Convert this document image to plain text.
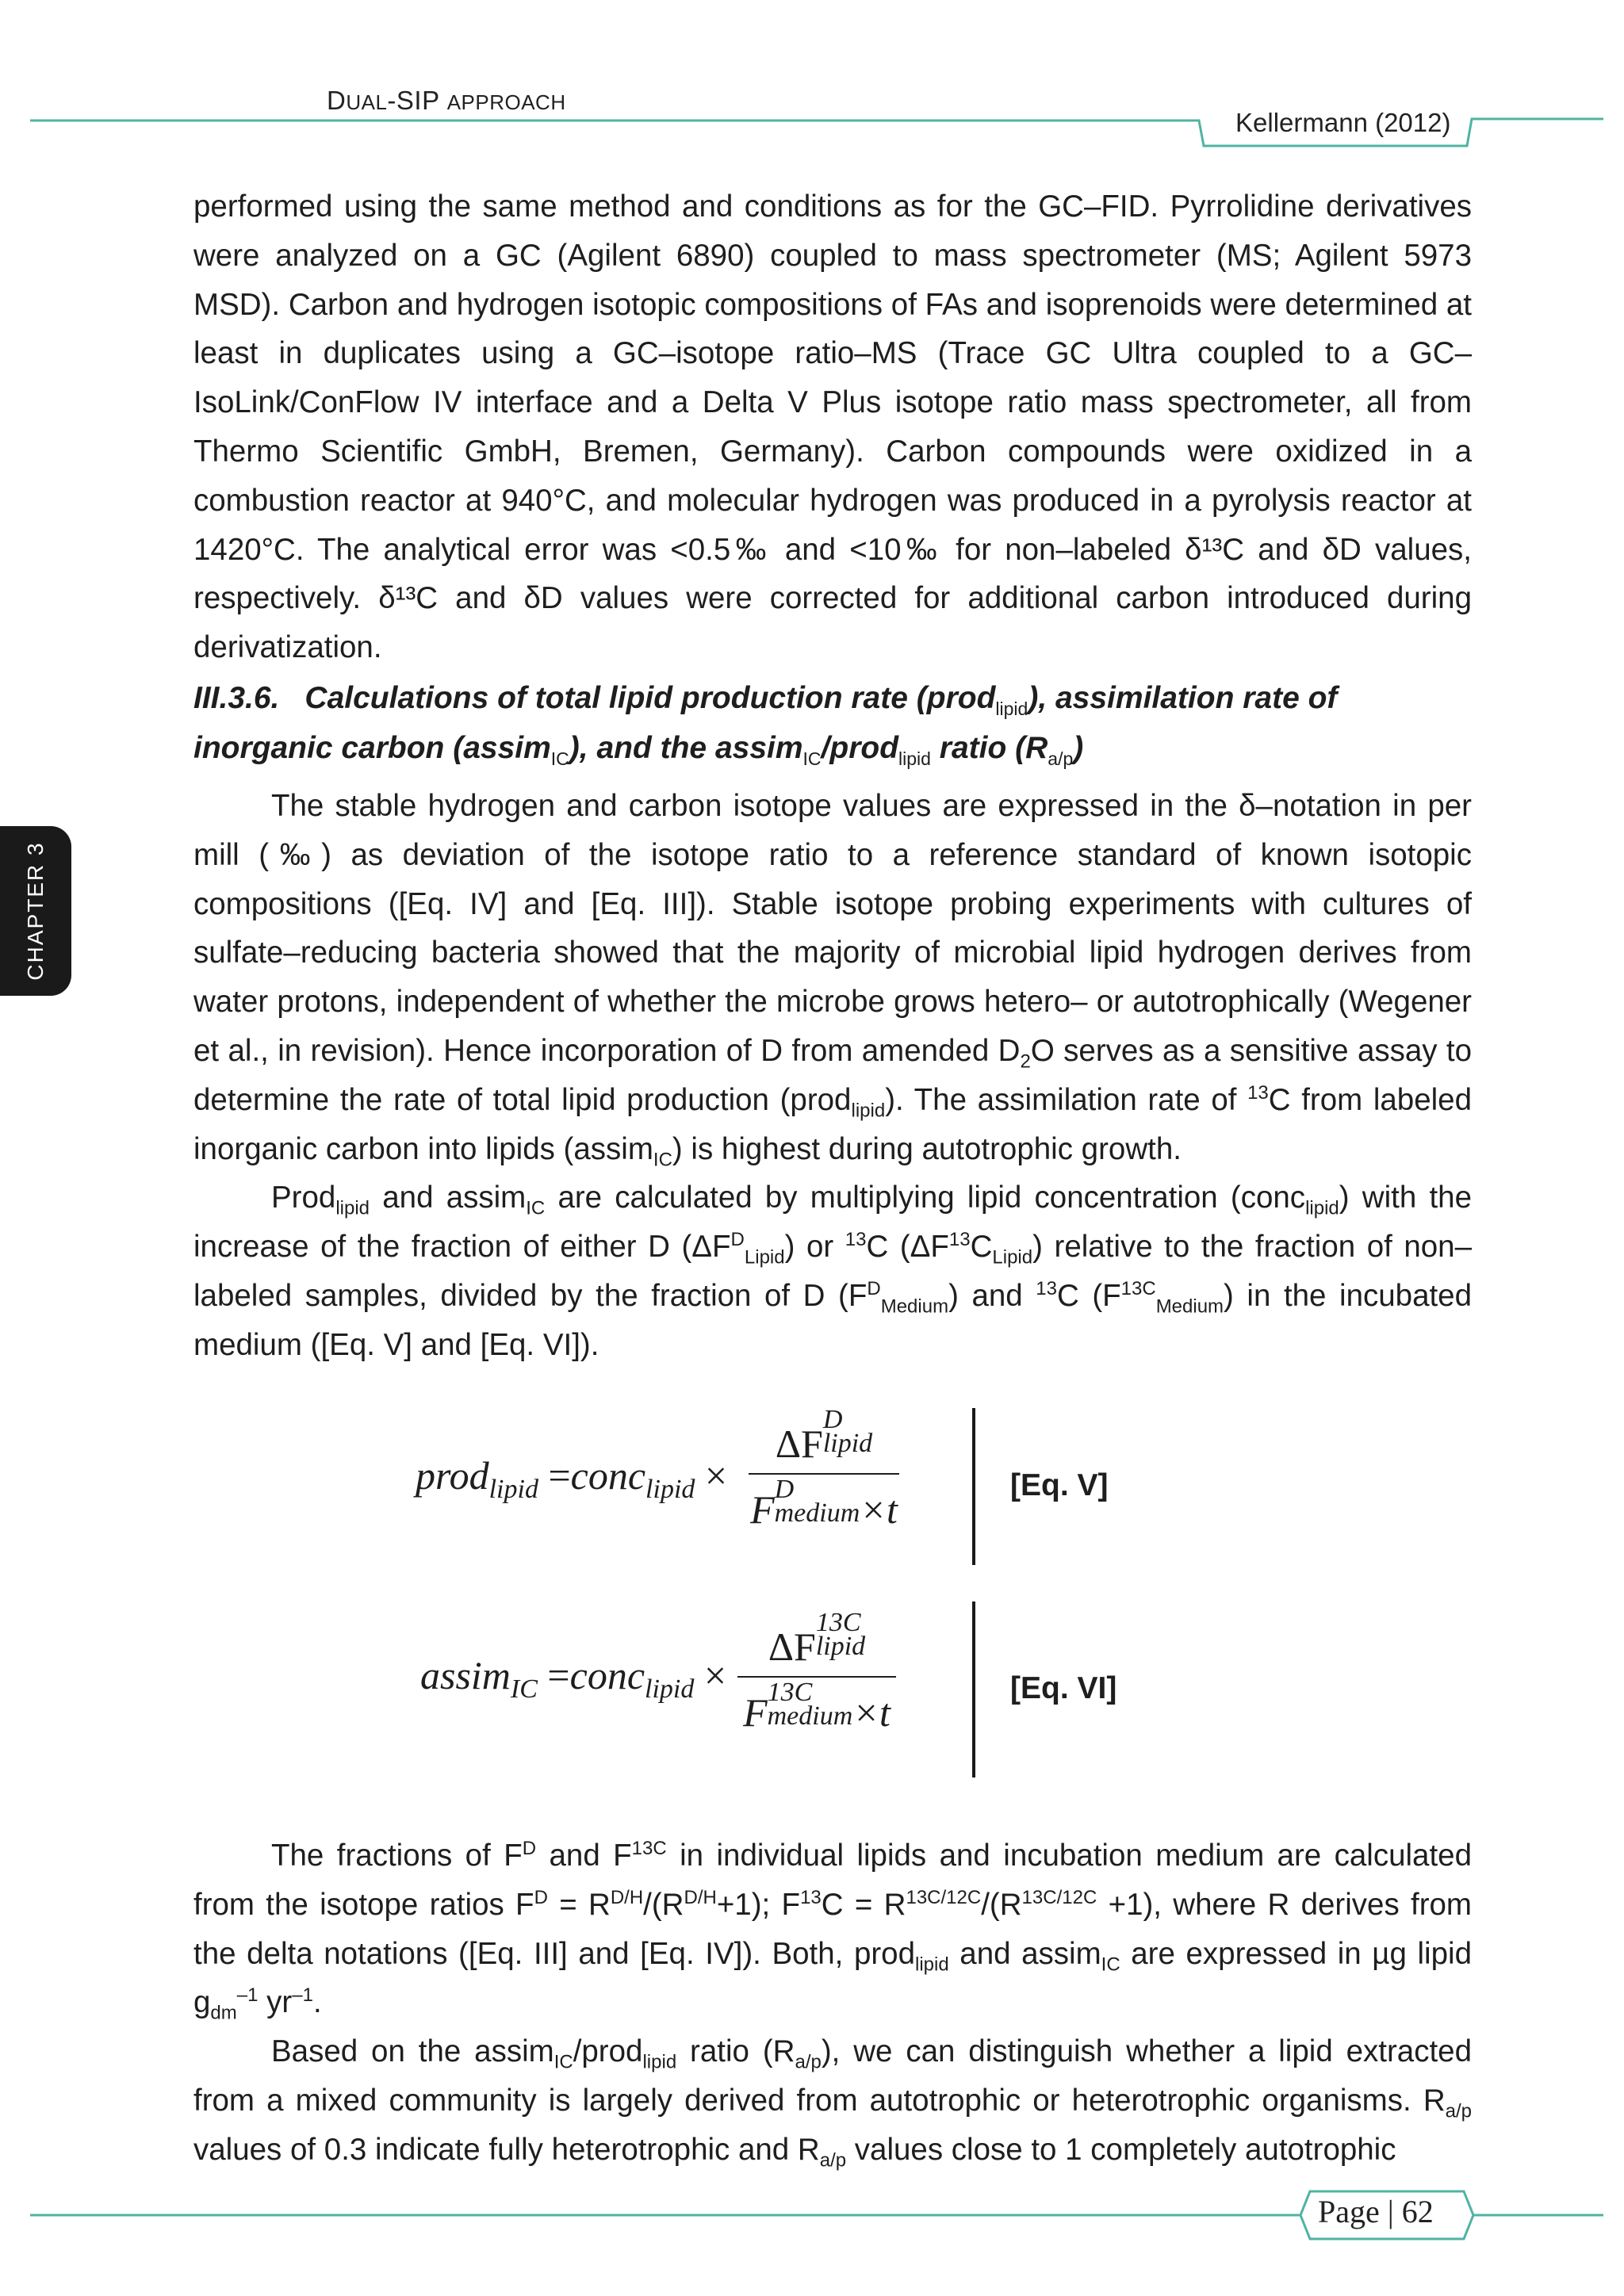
DUAL-SIP APPROACH
Kellermann (2012)
CHAPTER 3
performed using the same method and conditions as for the GC–FID. Pyrrolidine derivatives were analyzed on a GC (Agilent 6890) coupled to mass spectrometer (MS; Agilent 5973 MSD). Carbon and hydrogen isotopic compositions of FAs and isoprenoids were determined at least in duplicates using a GC–isotope ratio–MS (Trace GC Ultra coupled to a GC–IsoLink/ConFlow IV interface and a Delta V Plus isotope ratio mass spectrometer, all from Thermo Scientific GmbH, Bremen, Germany). Carbon compounds were oxidized in a combustion reactor at 940°C, and molecular hydrogen was produced in a pyrolysis reactor at 1420°C. The analytical error was <0.5‰ and <10‰ for non–labeled δ¹³C and δD values, respectively. δ¹³C and δD values were corrected for additional carbon introduced during derivatization.
III.3.6. Calculations of total lipid production rate (prod$_{lipid}$), assimilation rate of inorganic carbon (assim$_{IC}$), and the assim$_{IC}$/prod$_{lipid}$ ratio $(R_{a/p})$

The stable hydrogen and carbon isotope values are expressed in the δ–notation in per mill (‰) as deviation of the isotope ratio to a reference standard of known isotopic compositions ([Eq. IV] and [Eq. III]). Stable isotope probing experiments with cultures of sulfate–reducing bacteria showed that the majority of microbial lipid hydrogen derives from water protons, independent of whether the microbe grows hetero– or autotrophically (Wegener et al., in revision). Hence incorporation of D from amended $D_2O$ serves as a sensitive assay to determine the rate of total lipid production (prod$_{lipid}$). The assimilation rate of $^{13}$C from labeled inorganic carbon into lipids (assim$_{IC}$) is highest during autotrophic growth.

Prod$_{lipid}$ and assim$_{IC}$ are calculated by multiplying lipid concentration (conc$_{lipid}$) with the increase of the fraction of either D $(\Delta F^D_{Lipid})$ or $^{13}$C $(\Delta F^{13}C_{Lipid})$ relative to the fraction of non–labeled samples, divided by the fraction of D $(F^D_{Medium})$ and $^{13}$C $(F^{13C}_{Medium})$ in the incubated medium ([Eq. V] and [Eq. VI]).

prod$_{lipid}$ =conc$_{lipid}$ ×
ΔF
D
lipid
F D
medium ×t
[Eq. V]
assim$_{IC}$ =conc$_{lipid}$ ×
ΔF
13C
lipid
F 13C
medium ×t
[Eq. VI]

The fractions of $F^D$ and $F^{13C}$ in individual lipids and incubation medium are calculated from the isotope ratios $F^D = R^{D/H}/(R^{D/H}+1)$; $F^{13}C = R^{13C/12C}/(R^{13C/12C} +1)$, where R derives from the delta notations ([Eq. III] and [Eq. IV]). Both, prod$_{lipid}$ and assim$_{IC}$ are expressed in µg lipid $g_{dm}^{-1}$ $yr^{-1}$.

Based on the assim$_{IC}$/prod$_{lipid}$ ratio $(R_{a/p})$, we can distinguish whether a lipid extracted from a mixed community is largely derived from autotrophic or heterotrophic organisms. $R_{a/p}$ values of 0.3 indicate fully heterotrophic and $R_{a/p}$ values close to 1 completely autotrophic

Page | 62
